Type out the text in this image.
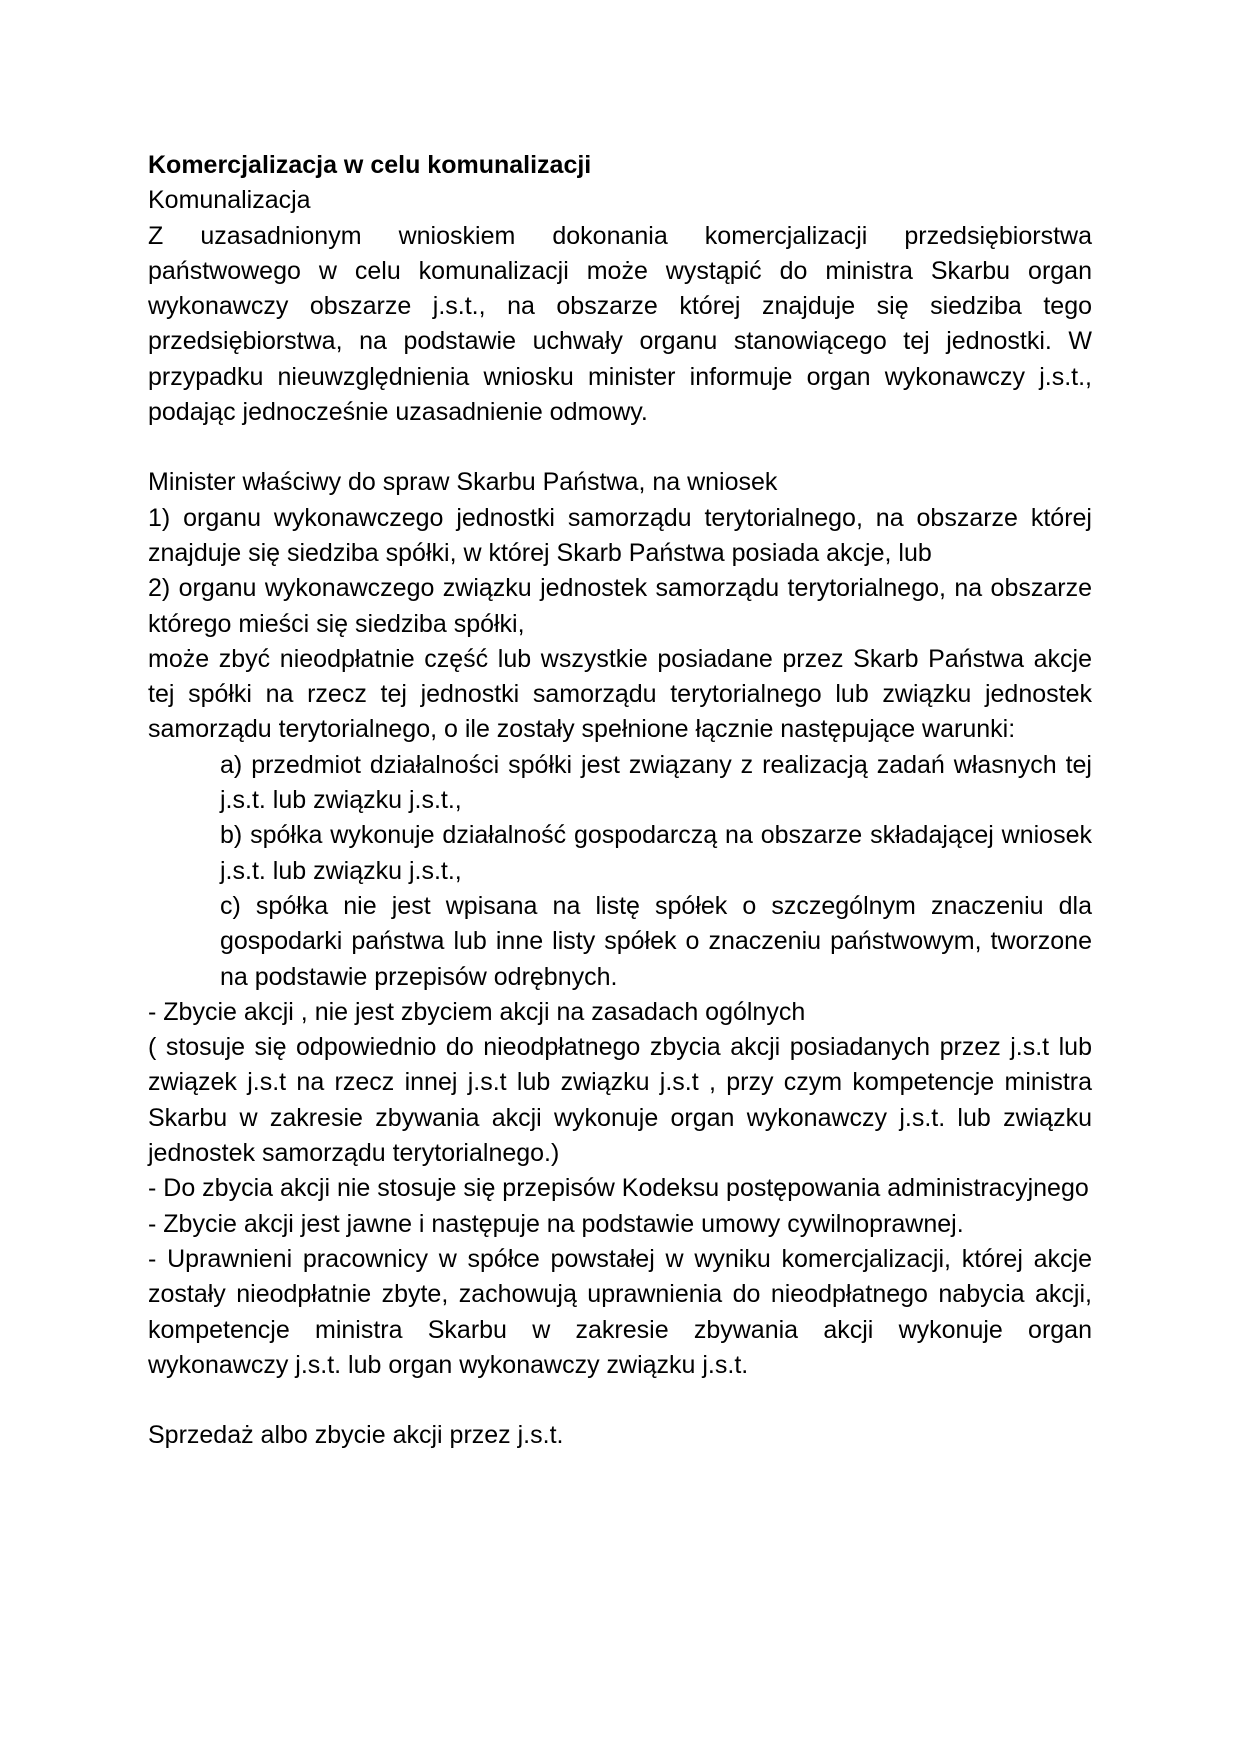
Komercjalizacja w celu komunalizacji

Komunalizacja

Z uzasadnionym wnioskiem dokonania komercjalizacji przedsiębiorstwa państwowego w celu komunalizacji może wystąpić do ministra Skarbu organ wykonawczy obszarze j.s.t., na obszarze której znajduje się siedziba tego przedsiębiorstwa, na podstawie uchwały organu stanowiącego tej jednostki. W przypadku nieuwzględnienia wniosku minister informuje organ wykonawczy j.s.t., podając jednocześnie uzasadnienie odmowy.

Minister właściwy do spraw Skarbu Państwa, na wniosek

1) organu wykonawczego jednostki samorządu terytorialnego, na obszarze której znajduje się siedziba spółki, w której Skarb Państwa posiada akcje, lub

2) organu wykonawczego związku jednostek samorządu terytorialnego, na obszarze którego mieści się siedziba spółki,

może zbyć nieodpłatnie część lub wszystkie posiadane przez Skarb Państwa akcje tej spółki na rzecz tej jednostki samorządu terytorialnego lub związku jednostek samorządu terytorialnego, o ile zostały spełnione łącznie następujące warunki:

a) przedmiot działalności spółki jest związany z realizacją zadań własnych tej j.s.t. lub związku j.s.t.,

b) spółka wykonuje działalność gospodarczą na obszarze składającej wniosek j.s.t. lub związku j.s.t.,

c) spółka nie jest wpisana na listę spółek o szczególnym znaczeniu dla gospodarki państwa lub inne listy spółek o znaczeniu państwowym, tworzone na podstawie przepisów odrębnych.

- Zbycie akcji , nie jest zbyciem akcji na zasadach ogólnych

( stosuje się odpowiednio do nieodpłatnego zbycia akcji posiadanych przez j.s.t lub związek j.s.t na rzecz innej j.s.t lub związku j.s.t , przy czym kompetencje ministra Skarbu w zakresie zbywania akcji wykonuje organ wykonawczy j.s.t. lub związku jednostek samorządu terytorialnego.)

- Do zbycia akcji nie stosuje się przepisów Kodeksu postępowania administracyjnego

- Zbycie akcji jest jawne i następuje na podstawie umowy cywilnoprawnej.

- Uprawnieni pracownicy w spółce powstałej w wyniku komercjalizacji, której akcje zostały nieodpłatnie zbyte, zachowują uprawnienia do nieodpłatnego nabycia akcji, kompetencje ministra Skarbu w zakresie zbywania akcji wykonuje organ wykonawczy j.s.t. lub organ wykonawczy związku j.s.t.

Sprzedaż albo zbycie akcji przez j.s.t.
